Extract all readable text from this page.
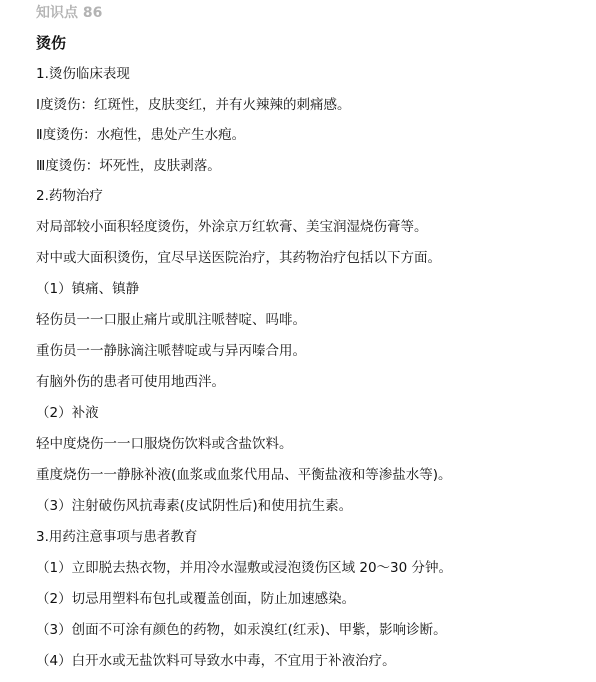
知识点 86
烫伤
1.烫伤临床表现
Ⅰ度烫伤：红斑性，皮肤变红，并有火辣辣的刺痛感。
Ⅱ度烫伤：水疱性，患处产生水疱。
Ⅲ度烫伤：坏死性，皮肤剥落。
2.药物治疗
对局部较小面积轻度烫伤，外涂京万红软膏、美宝润湿烧伤膏等。
对中或大面积烫伤，宜尽早送医院治疗，其药物治疗包括以下方面。
（1）镇痛、镇静
轻伤员一一口服止痛片或肌注哌替啶、吗啡。
重伤员一一静脉滴注哌替啶或与异丙嗪合用。
有脑外伤的患者可使用地西泮。
（2）补液
轻中度烧伤一一口服烧伤饮料或含盐饮料。
重度烧伤一一静脉补液(血浆或血浆代用品、平衡盐液和等渗盐水等)。
（3）注射破伤风抗毒素(皮试阴性后)和使用抗生素。
3.用药注意事项与患者教育
（1）立即脱去热衣物，并用冷水湿敷或浸泡烫伤区域 20～30 分钟。
（2）切忌用塑料布包扎或覆盖创面，防止加速感染。
（3）创面不可涂有颜色的药物，如汞溴红(红汞)、甲紫，影响诊断。
（4）白开水或无盐饮料可导致水中毒，不宜用于补液治疗。
